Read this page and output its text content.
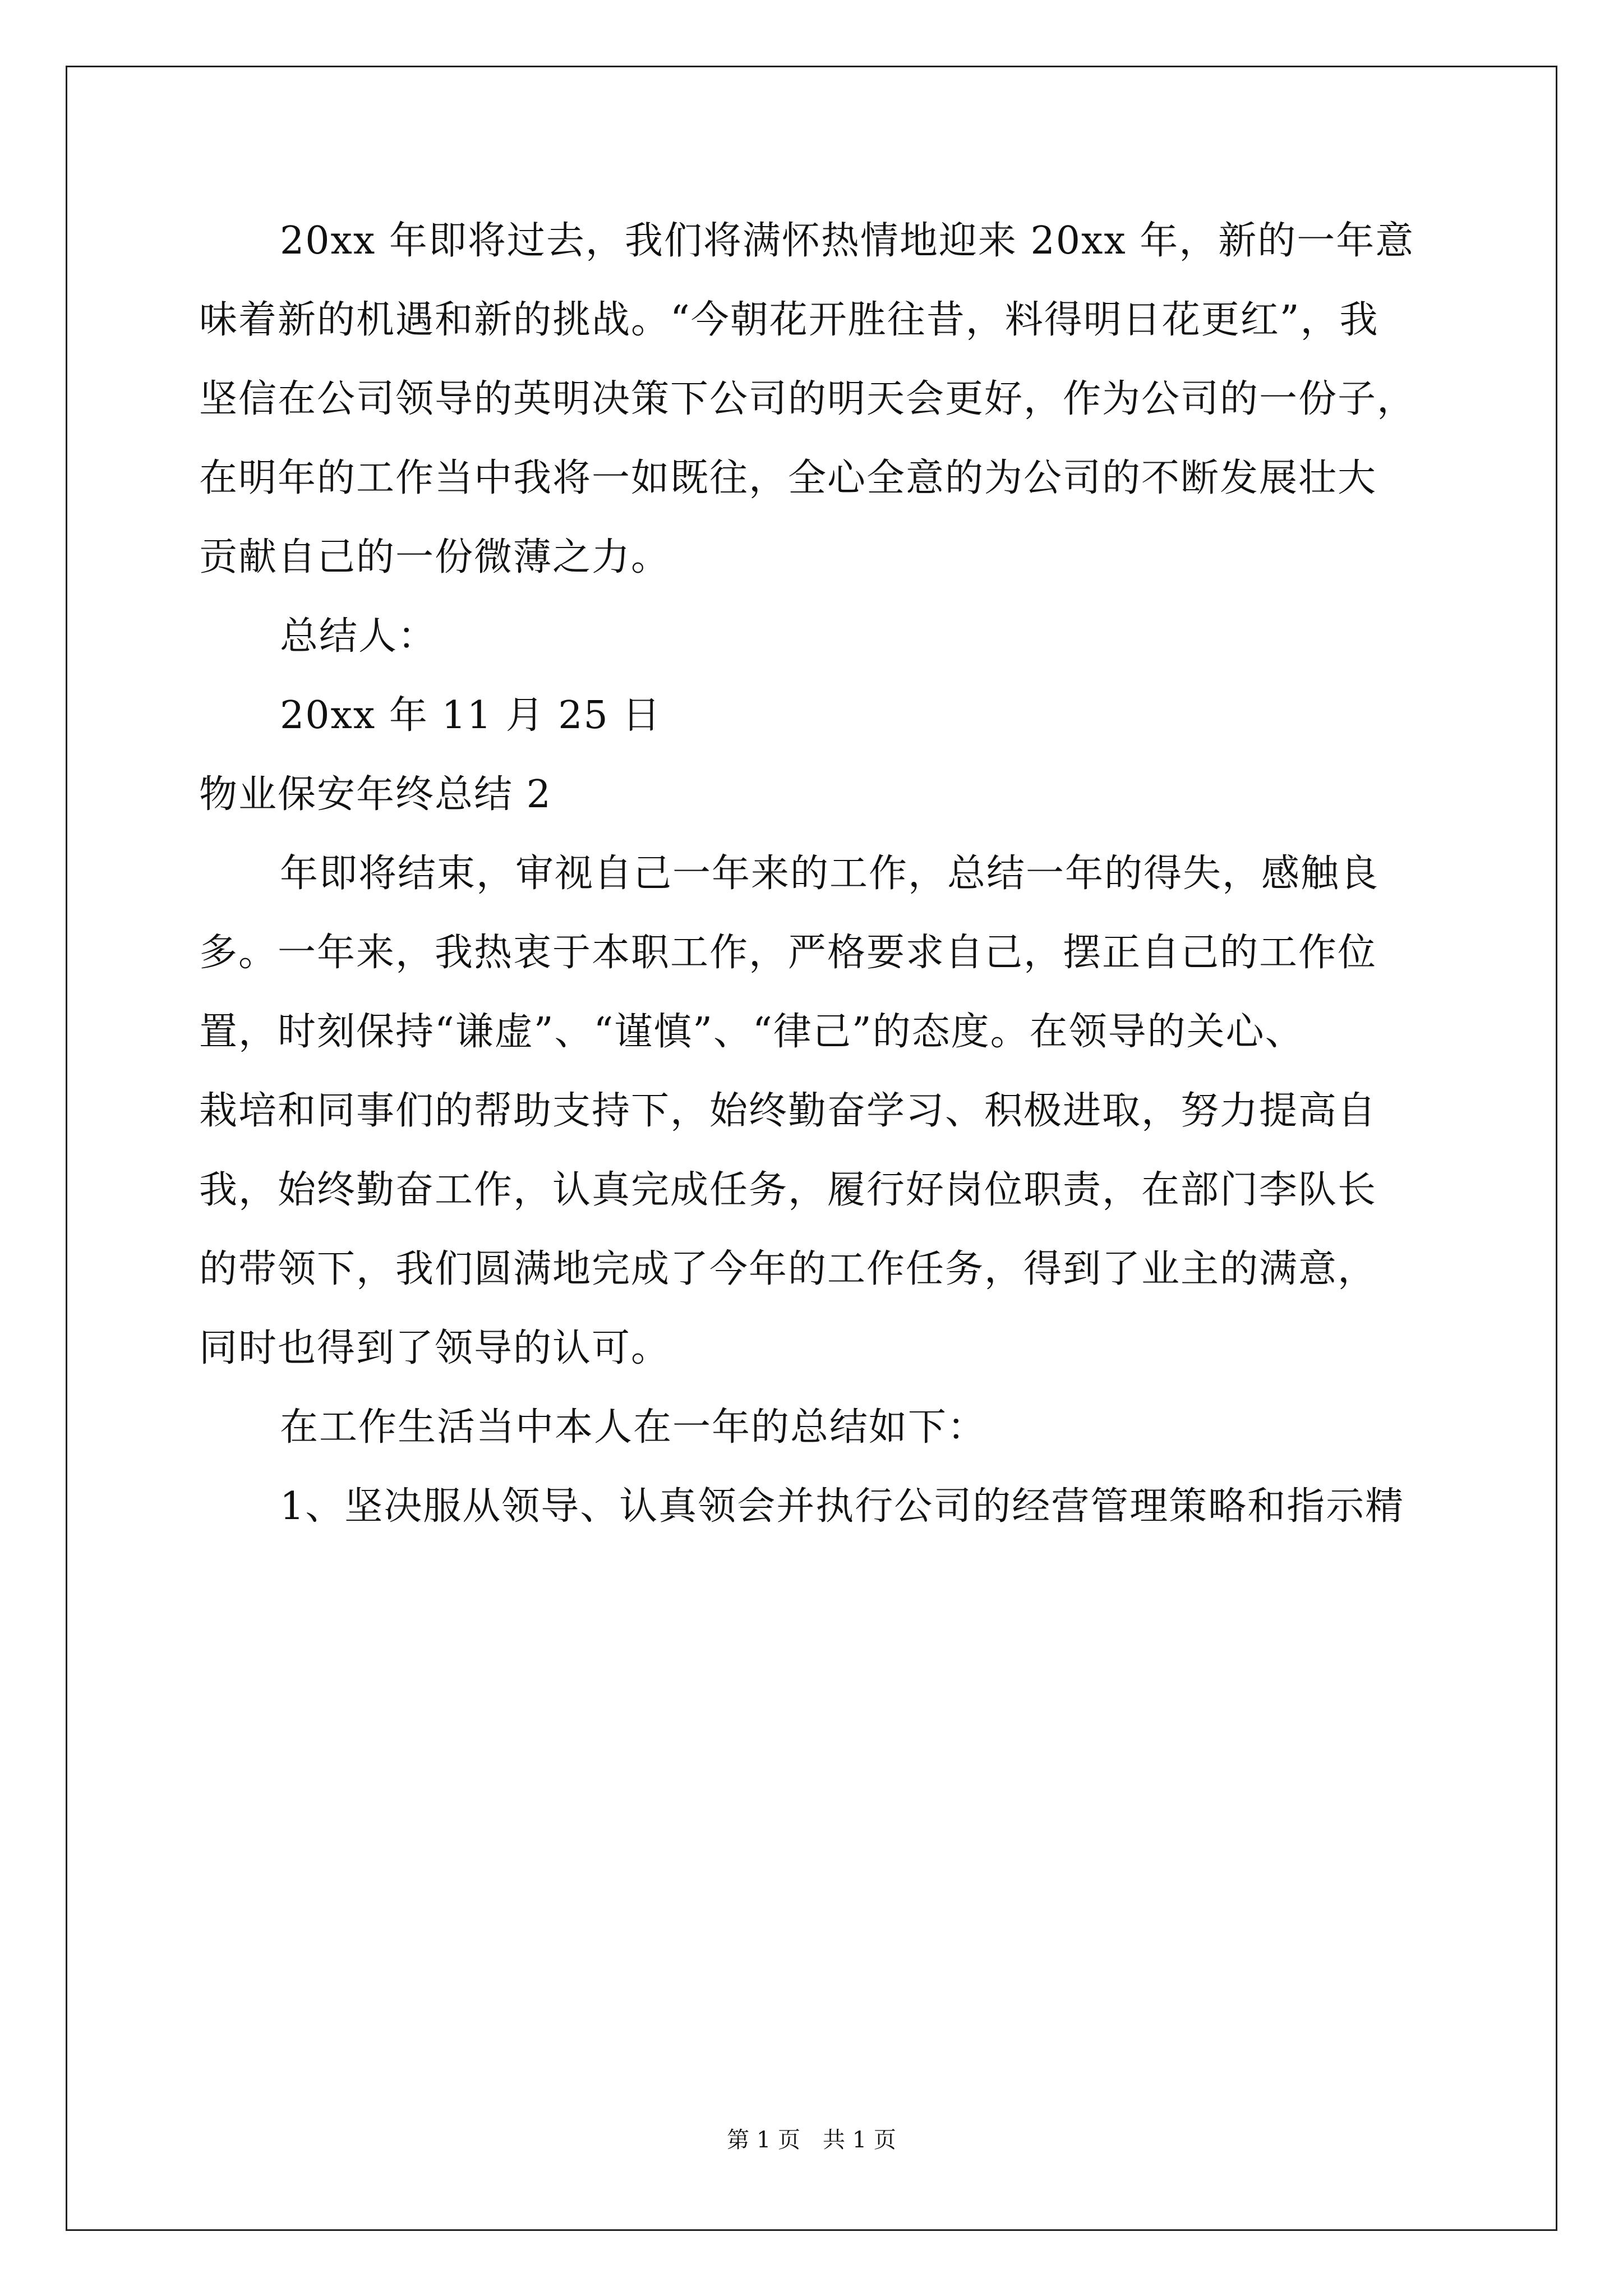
20xx 年即将过去，我们将满怀热情地迎来 20xx 年，新的一年意
味着新的机遇和新的挑战。“今朝花开胜往昔，料得明日花更红”，我
坚信在公司领导的英明决策下公司的明天会更好，作为公司的一份子，
在明年的工作当中我将一如既往，全心全意的为公司的不断发展壮大
贡献自己的一份微薄之力。
总结人：
20xx 年 11 月 25 日
物业保安年终总结 2
年即将结束，审视自己一年来的工作，总结一年的得失，感触良
多。一年来，我热衷于本职工作，严格要求自己，摆正自己的工作位
置，时刻保持“谦虚”、“谨慎”、“律己”的态度。在领导的关心、
栽培和同事们的帮助支持下，始终勤奋学习、积极进取，努力提高自
我，始终勤奋工作，认真完成任务，履行好岗位职责，在部门李队长
的带领下，我们圆满地完成了今年的工作任务，得到了业主的满意，
同时也得到了领导的认可。
在工作生活当中本人在一年的总结如下：
1、坚决服从领导、认真领会并执行公司的经营管理策略和指示精
第 1 页　共 1 页
